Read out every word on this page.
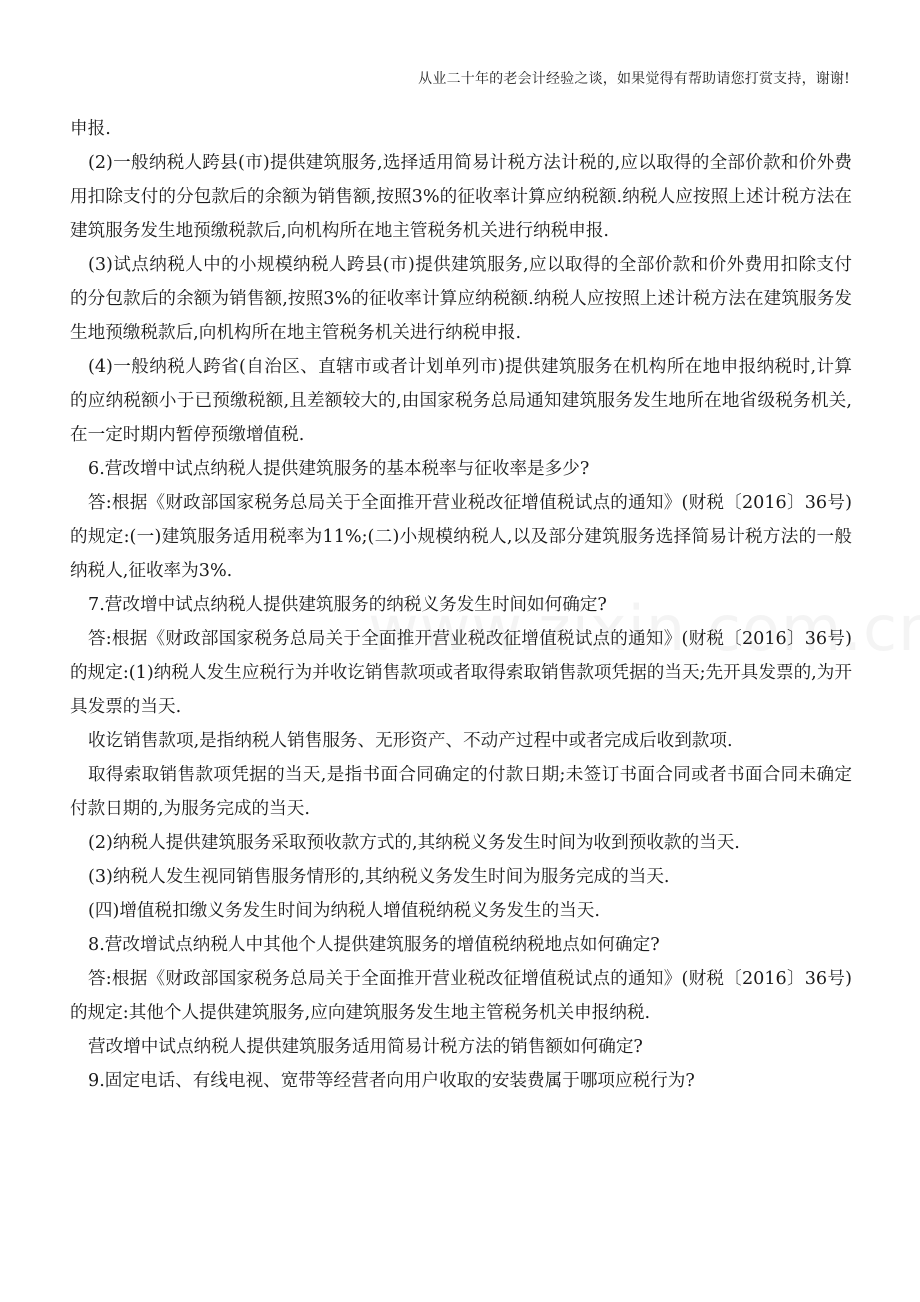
从业二十年的老会计经验之谈，如果觉得有帮助请您打赏支持，谢谢!

申报.

(2)一般纳税人跨县(市)提供建筑服务,选择适用简易计税方法计税的,应以取得的全部价款和价外费用扣除支付的分包款后的余额为销售额,按照3%的征收率计算应纳税额.纳税人应按照上述计税方法在建筑服务发生地预缴税款后,向机构所在地主管税务机关进行纳税申报.

(3)试点纳税人中的小规模纳税人跨县(市)提供建筑服务,应以取得的全部价款和价外费用扣除支付的分包款后的余额为销售额,按照3%的征收率计算应纳税额.纳税人应按照上述计税方法在建筑服务发生地预缴税款后,向机构所在地主管税务机关进行纳税申报.

(4)一般纳税人跨省(自治区、直辖市或者计划单列市)提供建筑服务在机构所在地申报纳税时,计算的应纳税额小于已预缴税额,且差额较大的,由国家税务总局通知建筑服务发生地所在地省级税务机关,在一定时期内暂停预缴增值税.

6.营改增中试点纳税人提供建筑服务的基本税率与征收率是多少?

答:根据《财政部国家税务总局关于全面推开营业税改征增值税试点的通知》(财税〔2016〕36号)的规定:(一)建筑服务适用税率为11%;(二)小规模纳税人,以及部分建筑服务选择简易计税方法的一般纳税人,征收率为3%.

7.营改增中试点纳税人提供建筑服务的纳税义务发生时间如何确定?

答:根据《财政部国家税务总局关于全面推开营业税改征增值税试点的通知》(财税〔2016〕36号)的规定:(1)纳税人发生应税行为并收讫销售款项或者取得索取销售款项凭据的当天;先开具发票的,为开具发票的当天.

收讫销售款项,是指纳税人销售服务、无形资产、不动产过程中或者完成后收到款项.

取得索取销售款项凭据的当天,是指书面合同确定的付款日期;未签订书面合同或者书面合同未确定付款日期的,为服务完成的当天.

(2)纳税人提供建筑服务采取预收款方式的,其纳税义务发生时间为收到预收款的当天.

(3)纳税人发生视同销售服务情形的,其纳税义务发生时间为服务完成的当天.

(四)增值税扣缴义务发生时间为纳税人增值税纳税义务发生的当天.

8.营改增试点纳税人中其他个人提供建筑服务的增值税纳税地点如何确定?

答:根据《财政部国家税务总局关于全面推开营业税改征增值税试点的通知》(财税〔2016〕36号)的规定:其他个人提供建筑服务,应向建筑服务发生地主管税务机关申报纳税.

营改增中试点纳税人提供建筑服务适用简易计税方法的销售额如何确定?

9.固定电话、有线电视、宽带等经营者向用户收取的安装费属于哪项应税行为?
